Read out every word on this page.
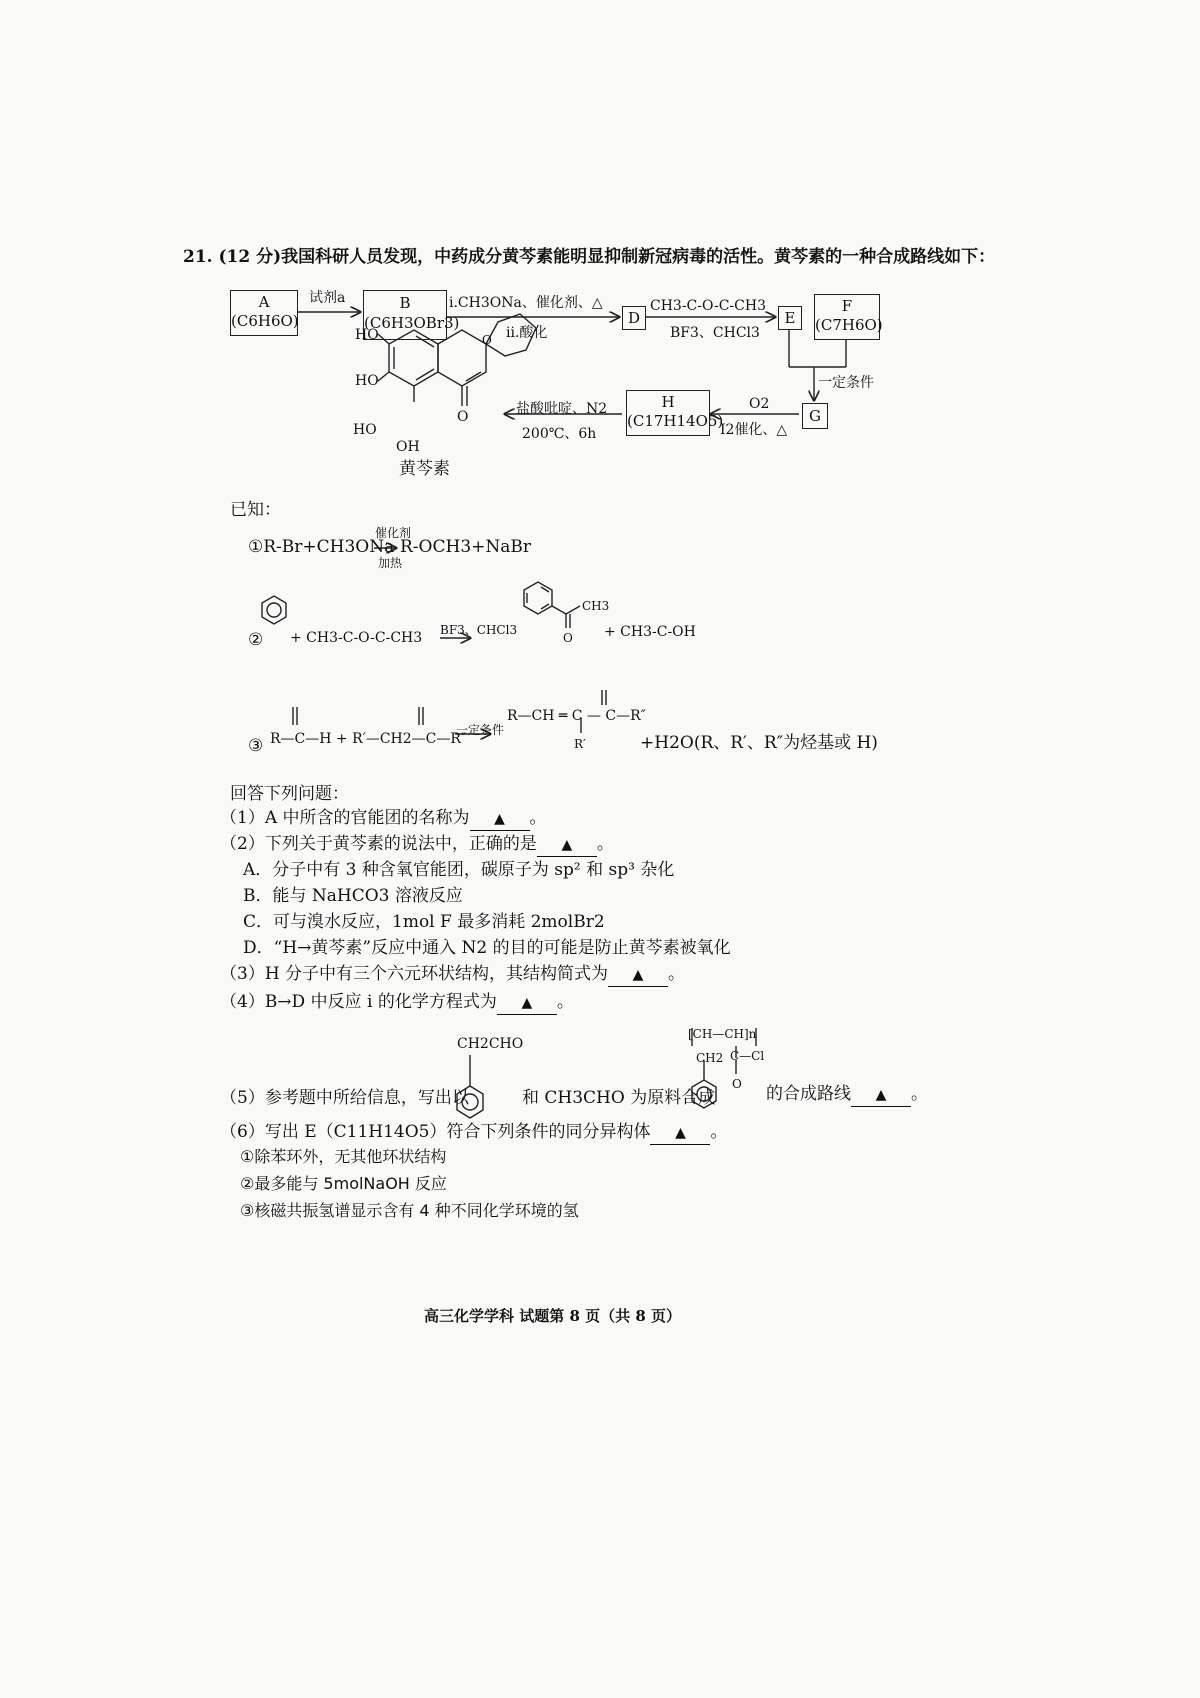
21. (12 分)我国科研人员发现，中药成分黄芩素能明显抑制新冠病毒的活性。黄芩素的一种合成路线如下：
A
(C6H6O)
试剂a	B
(C6H3OBr3)
i.CH3ONa、催化剂、△
ii.酸化
D
CH3-C-O-C-CH3
BF3、CHCl3
E
F
(C7H6O)
一定条件
G
O2
I2催化、△
H
(C17H14O5)
盐酸吡啶、N2
200℃、6h
HO
HO
HO
OH
O
O
黄芩素
已知：
①R-Br+CH3ONa
催化剂
加热
R-OCH3+NaBr
② + CH3-C-O-C-CH3 BF3、CHCl3
CH3
O + CH3-C-OH
③ R—C—H + R′—CH2—C—R″
一定条件
R—CH ═ C — C—R″
R′	+H2O(R、R′、R″为烃基或 H)
回答下列问题：
（1）A 中所含的官能团的名称为 ▲ 。
（2）下列关于黄芩素的说法中，正确的是 ▲ 。
A．分子中有 3 种含氧官能团，碳原子为 sp² 和 sp³ 杂化
B．能与 NaHCO3 溶液反应
C．可与溴水反应，1mol F 最多消耗 2molBr2
D．“H→黄芩素”反应中通入 N2 的目的可能是防止黄芩素被氧化
（3）H 分子中有三个六元环状结构，其结构简式为 ▲ 。
（4）B→D 中反应 i 的化学方程式为 ▲ 。
CH2CHO
[CH—CH]n
CH2 C—Cl
O
（5）参考题中所给信息，写出以	和 CH3CHO 为原料合成	的合成路线 ▲ 。
（6）写出 E（C11H14O5）符合下列条件的同分异构体 ▲ 。
①除苯环外，无其他环状结构
②最多能与 5molNaOH 反应
③核磁共振氢谱显示含有 4 种不同化学环境的氢
高三化学学科 试题第 8 页（共 8 页）
